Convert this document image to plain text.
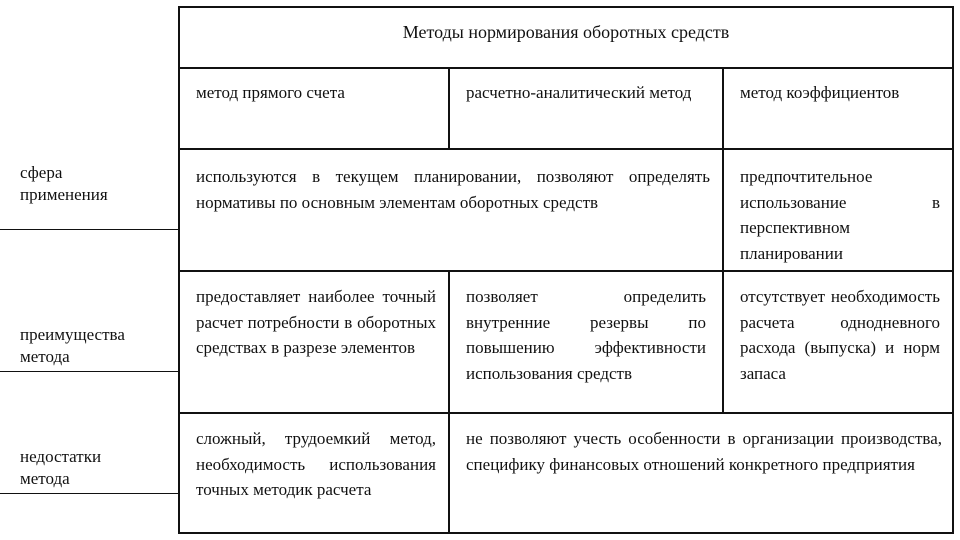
Методы нормирования оборотных средств
метод прямого счета	расчетно-аналитический метод	метод коэффициентов
используются в текущем планировании, позволяют определять нормативы по основным элементам оборотных средств
предпочтительное использование в перспективном планировании
предоставляет наиболее точный расчет потребности в оборотных средствах в разрезе элементов
позволяет определить внутренние резервы по повышению эффективности использования средств
отсутствует необходимость расчета однодневного расхода (выпуска) и норм запаса
сложный, трудоемкий метод, необходимость использования точных методик расчета
не позволяют учесть особенности в организации производства, специфику финансовых отношений конкретного предприятия
сфера применения
преимущества метода
недостатки метода
